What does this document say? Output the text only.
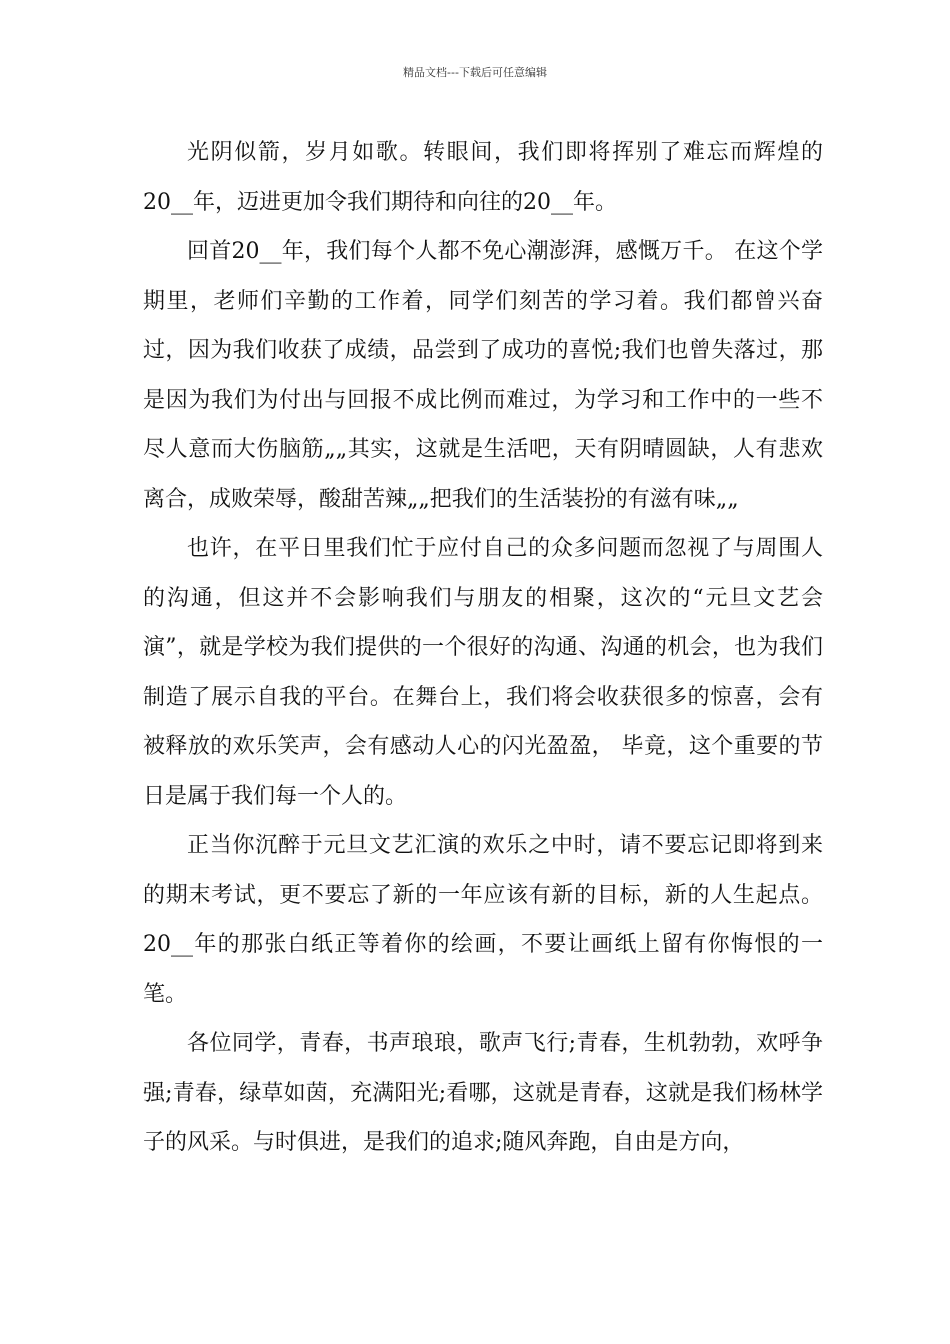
精品文档---下载后可任意编辑

光阴似箭，岁月如歌。转眼间，我们即将挥别了难忘而辉煌的20__年，迈进更加令我们期待和向往的20__年。

回首20__年，我们每个人都不免心潮澎湃，感慨万千。 在这个学期里，老师们辛勤的工作着，同学们刻苦的学习着。我们都曾兴奋过，因为我们收获了成绩，品尝到了成功的喜悦;我们也曾失落过，那是因为我们为付出与回报不成比例而难过，为学习和工作中的一些不尽人意而大伤脑筋„„其实，这就是生活吧，天有阴晴圆缺，人有悲欢离合，成败荣辱，酸甜苦辣„„把我们的生活装扮的有滋有味„„

也许，在平日里我们忙于应付自己的众多问题而忽视了与周围人的沟通，但这并不会影响我们与朋友的相聚，这次的“元旦文艺会演”，就是学校为我们提供的一个很好的沟通、沟通的机会，也为我们制造了展示自我的平台。在舞台上，我们将会收获很多的惊喜，会有被释放的欢乐笑声，会有感动人心的闪光盈盈， 毕竟，这个重要的节日是属于我们每一个人的。

正当你沉醉于元旦文艺汇演的欢乐之中时，请不要忘记即将到来的期末考试，更不要忘了新的一年应该有新的目标，新的人生起点。20__年的那张白纸正等着你的绘画，不要让画纸上留有你悔恨的一笔。

各位同学，青春，书声琅琅，歌声飞行;青春，生机勃勃，欢呼争强;青春，绿草如茵，充满阳光;看哪，这就是青春，这就是我们杨林学子的风采。与时俱进，是我们的追求;随风奔跑，自由是方向，
